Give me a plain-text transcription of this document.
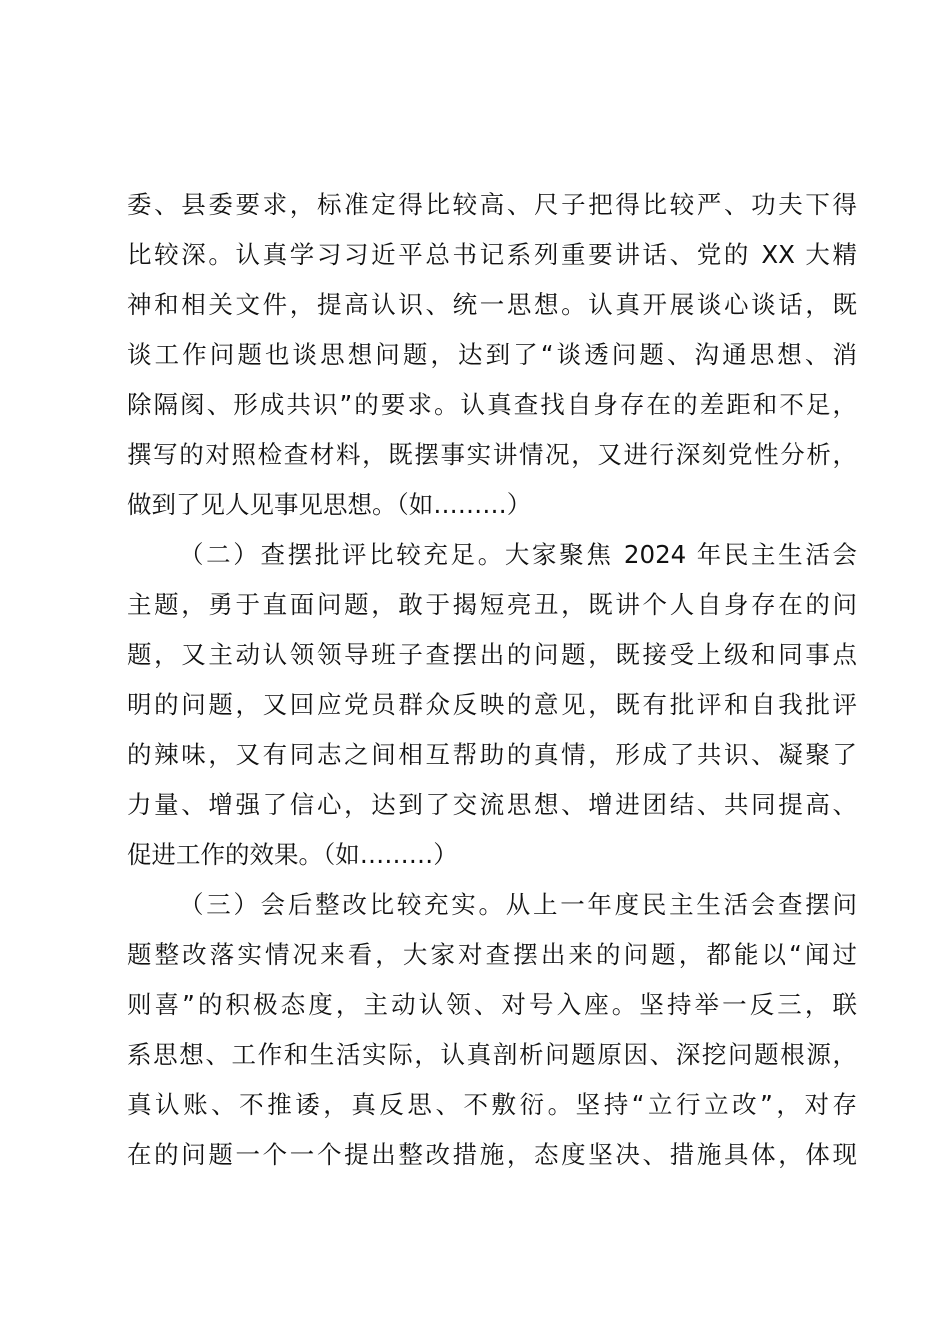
委、县委要求，标准定得比较高、尺子把得比较严、功夫下得
比较深。认真学习习近平总书记系列重要讲话、党的 XX 大精
神和相关文件，提高认识、统一思想。认真开展谈心谈话，既
谈工作问题也谈思想问题，达到了“谈透问题、沟通思想、消
除隔阂、形成共识”的要求。认真查找自身存在的差距和不足，
撰写的对照检查材料，既摆事实讲情况，又进行深刻党性分析，
做到了见人见事见思想。（如………）
（二）查摆批评比较充足。大家聚焦 2024 年民主生活会
主题，勇于直面问题，敢于揭短亮丑，既讲个人自身存在的问
题，又主动认领领导班子查摆出的问题，既接受上级和同事点
明的问题，又回应党员群众反映的意见，既有批评和自我批评
的辣味，又有同志之间相互帮助的真情，形成了共识、凝聚了
力量、增强了信心，达到了交流思想、增进团结、共同提高、
促进工作的效果。（如………）
（三）会后整改比较充实。从上一年度民主生活会查摆问
题整改落实情况来看，大家对查摆出来的问题，都能以“闻过
则喜”的积极态度，主动认领、对号入座。坚持举一反三，联
系思想、工作和生活实际，认真剖析问题原因、深挖问题根源，
真认账、不推诿，真反思、不敷衍。坚持“立行立改”，对存
在的问题一个一个提出整改措施，态度坚决、措施具体，体现
